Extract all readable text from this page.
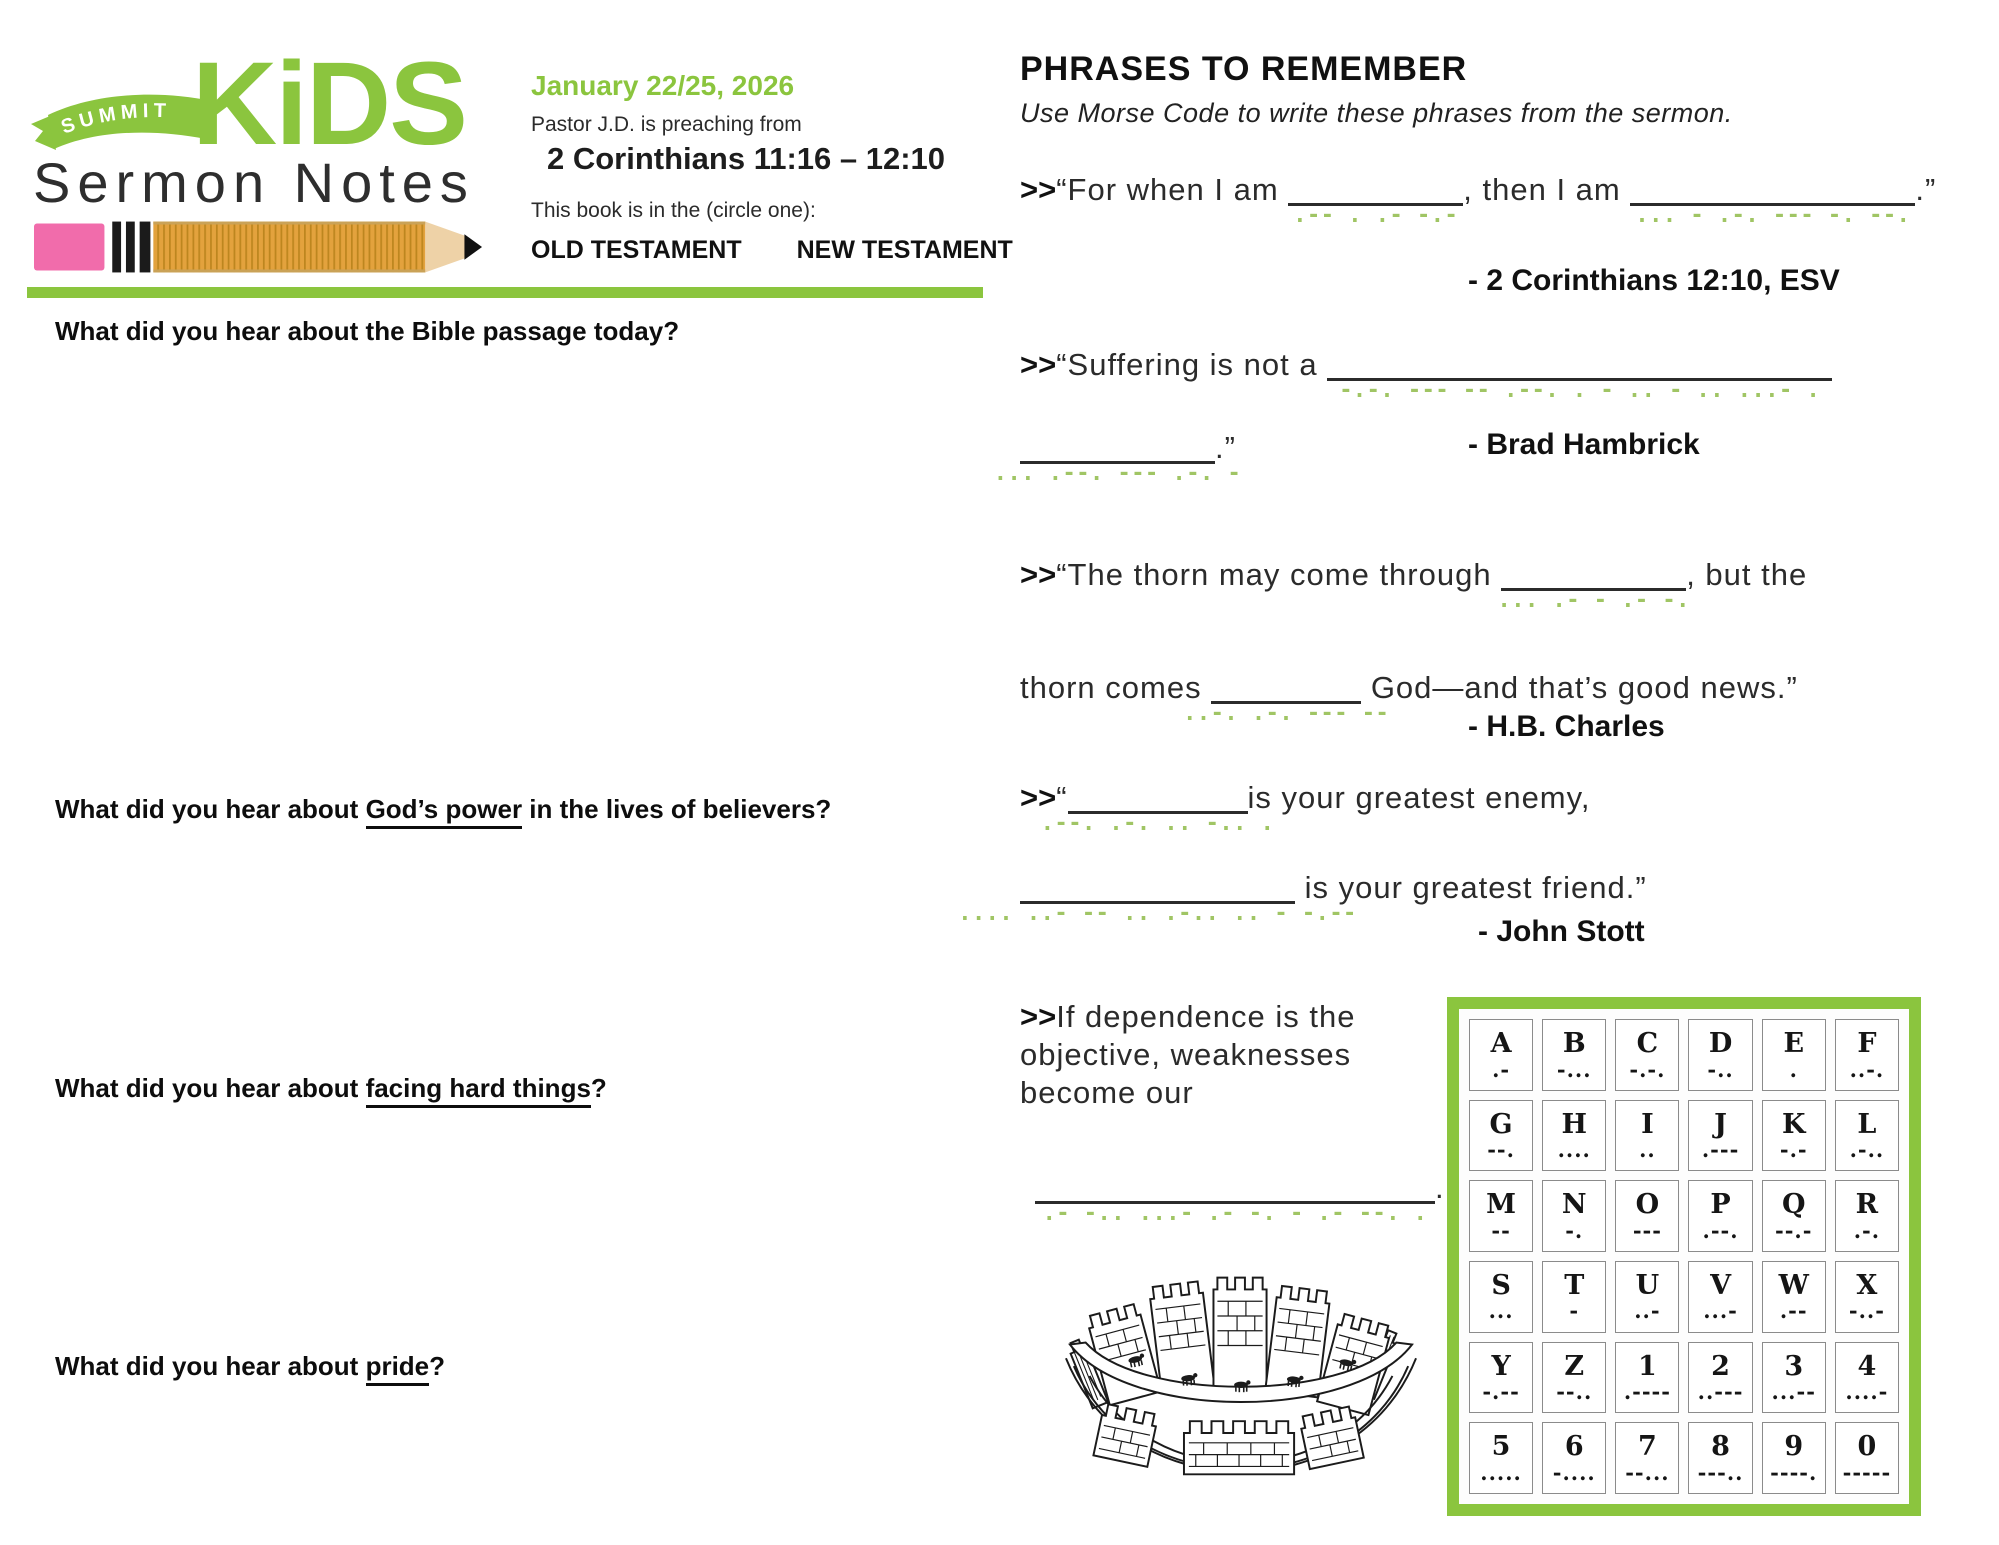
SUMMIT KiDS
Sermon Notes
January 22/25, 2026
Pastor J.D. is preaching from
2 Corinthians 11:16 – 12:10
This book is in the (circle one):
OLD TESTAMENT NEW TESTAMENT
What did you hear about the Bible passage today?
What did you hear about God’s power in the lives of believers?
What did you hear about facing hard things?
What did you hear about pride?
PHRASES TO REMEMBER
Use Morse Code to write these phrases from the sermon.
>>“For when I am
.-- . .- -.-
, then I am
... - .-. --- -. --.
.”
- 2 Corinthians 12:10, ESV
>>“Suffering is not a
-.-. --- -- .--. . - .. - .. ...- .
... .--. --- .-. -
.”	- Brad Hambrick
>>“The thorn may come through
... .- - .- -.
, but the
thorn comes
..-. .-. --- --
God—and that’s good news.”
- H.B. Charles
>>“
.--. .-. .. -.. .
is your greatest enemy,
.... ..- -- .. .-.. .. - -.--
is your greatest friend.”
- John Stott
>>If dependence is the objective, weaknesses become our
.- -.. ...- .- -. - .- --. .
.
A
.-
B
-...
C
-.-.
D
-..
E
.
F
..-.
G
--.
H
....
I
..
J
.---
K
-.-
L
.-..
M
--
N
-.
O
---
P
.--.
Q
--.-
R
.-.
S
...
T
-
U
..-
V
...-
W
.--
X
-..-
Y
-.--
Z
--..
1
.----
2
..---
3
...--
4
....-
5
.....
6
-....
7
--...
8
---..
9
----.
0
-----
